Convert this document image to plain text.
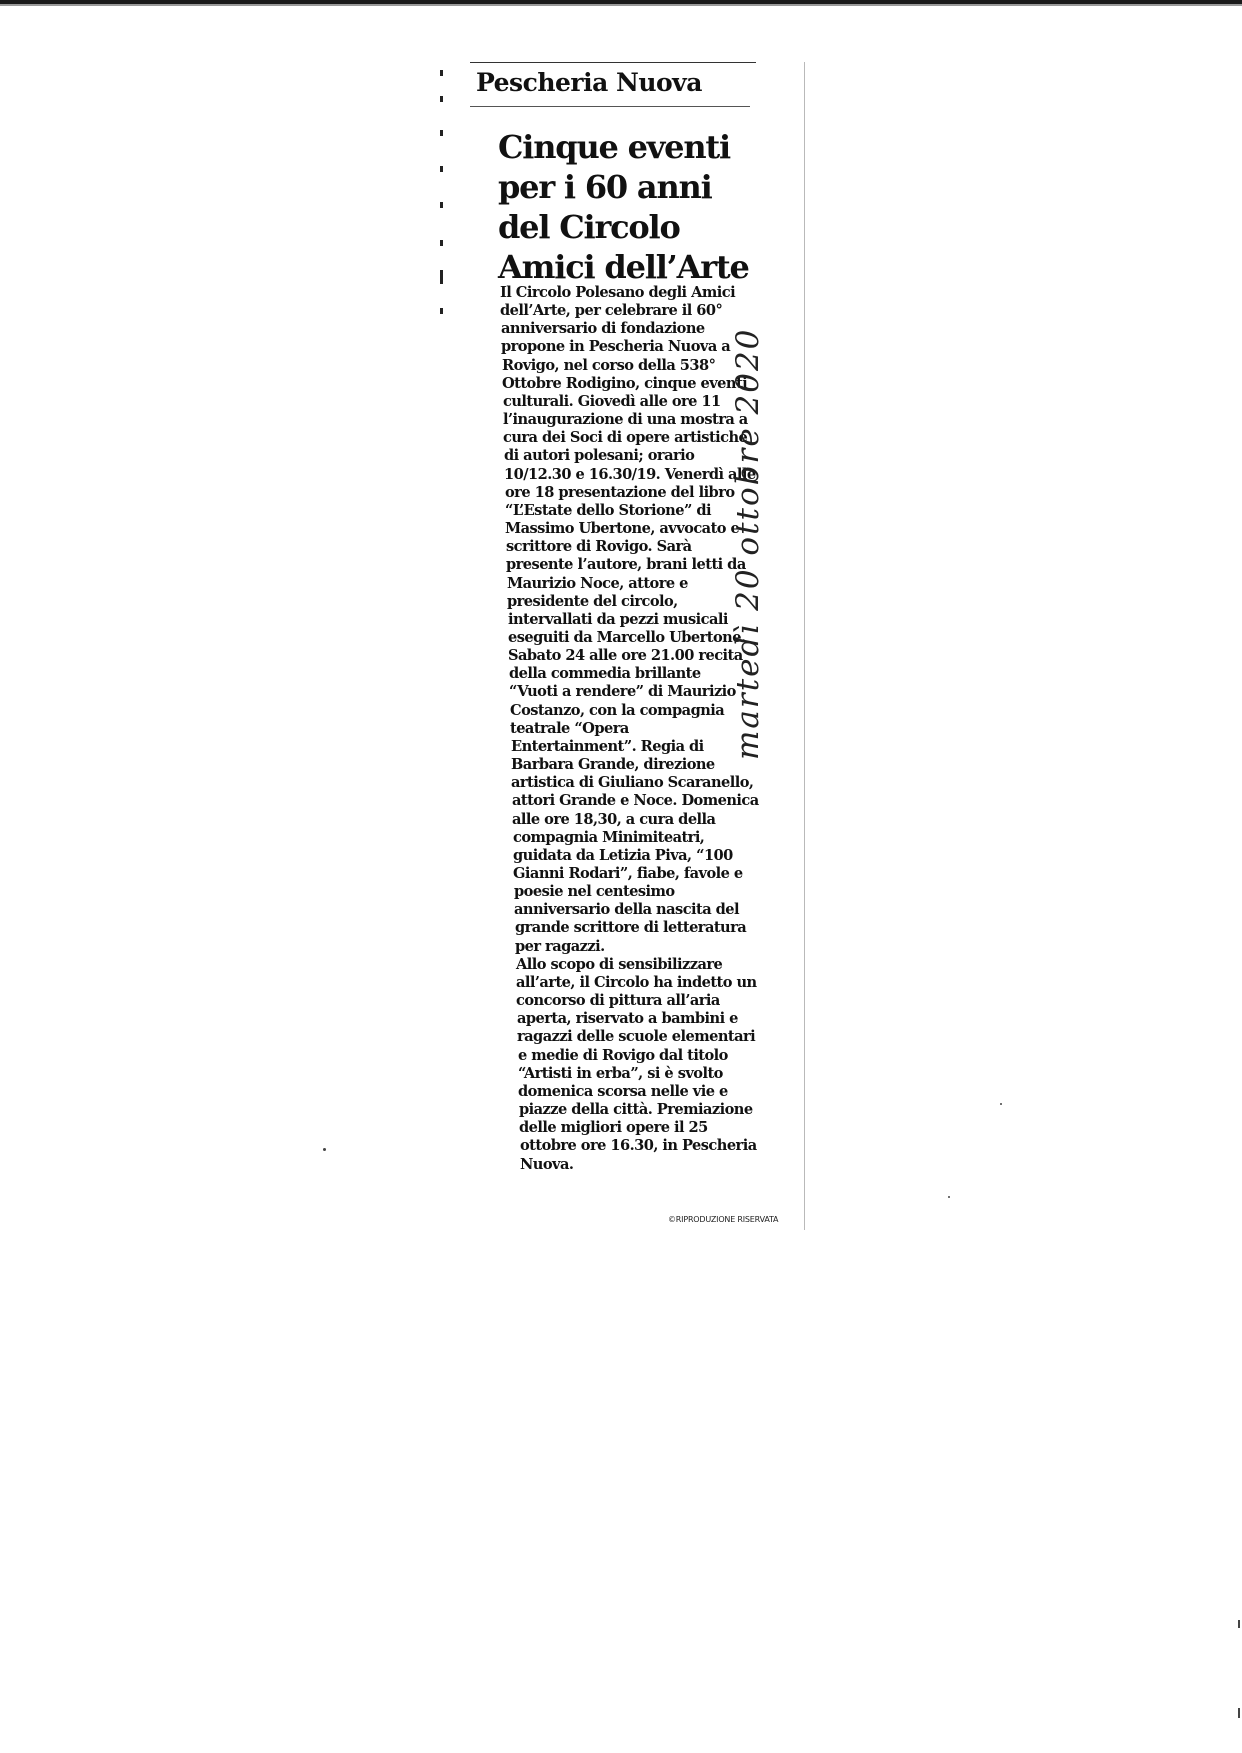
Pescheria Nuova
Cinque eventi
per i 60 anni
del Circolo
Amici dell’Arte
Il Circolo Polesano degli Amici
dell’Arte, per celebrare il 60°
anniversario di fondazione
propone in Pescheria Nuova a
Rovigo, nel corso della 538°
Ottobre Rodigino, cinque eventi
culturali. Giovedì alle ore 11
l’inaugurazione di una mostra a
cura dei Soci di opere artistiche
di autori polesani; orario
10/12.30 e 16.30/19. Venerdì alle
ore 18 presentazione del libro
“L’Estate dello Storione” di
Massimo Ubertone, avvocato e
scrittore di Rovigo. Sarà
presente l’autore, brani letti da
Maurizio Noce, attore e
presidente del circolo,
intervallati da pezzi musicali
eseguiti da Marcello Ubertone.
Sabato 24 alle ore 21.00 recita
della commedia brillante
“Vuoti a rendere” di Maurizio
Costanzo, con la compagnia
teatrale “Opera
Entertainment”. Regia di
Barbara Grande, direzione
artistica di Giuliano Scaranello,
attori Grande e Noce. Domenica
alle ore 18,30, a cura della
compagnia Minimiteatri,
guidata da Letizia Piva, “100
Gianni Rodari”, fiabe, favole e
poesie nel centesimo
anniversario della nascita del
grande scrittore di letteratura
per ragazzi.
Allo scopo di sensibilizzare
all’arte, il Circolo ha indetto un
concorso di pittura all’aria
aperta, riservato a bambini e
ragazzi delle scuole elementari
e medie di Rovigo dal titolo
“Artisti in erba”, si è svolto
domenica scorsa nelle vie e
piazze della città. Premiazione
delle migliori opere il 25
ottobre ore 16.30, in Pescheria
Nuova.
©RIPRODUZIONE RISERVATA
martedì 20 ottobre 2020
